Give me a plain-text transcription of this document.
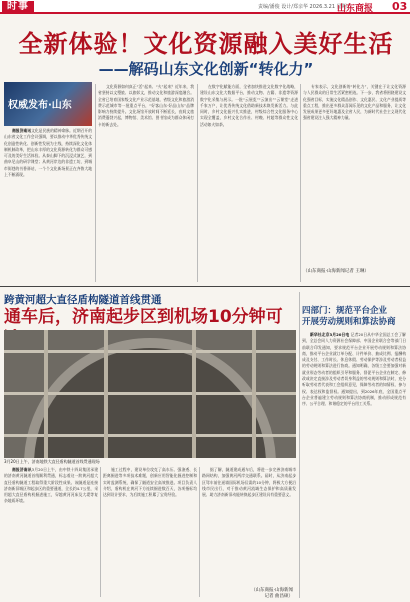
时事	责编/潘俊 设计/郑亲华 2026.3.21 星期六
山东商报 03
全新体验！文化资源融入美好生活
——解码山东文化创新“转化力”
权威发布·山东

商报济南讯文化是民族的精神命脉。近期召开的山东省文化工作会议强调，要以推动中华优秀传统文化创造性转化、创新性发展为主线，持续深化文化体制机制改革，把山东丰厚的文化资源转化为群众可感可及的美好生活体验。从泰山脚下的沉浸式演艺，到曲阜尼山的研学课堂；从黄河岸边的非遗工坊，到城市街巷的书香驿站，一个个文化新场景正在齐鲁大地上不断涌现。

文化资源如何真正“活”起来、“火”起来？近年来，我省坚持以文塑旅、以旅彰文，推动文化和旅游深度融合。全省已培育国家级文化产业示范基地、省级文化和旅游消费示范城市等一批重点平台，“好客山东·好品山东”品牌影响力持续提升。文化场馆开放时间不断延长，夜间文旅消费蓬勃兴起，博物馆、美术馆、图书馆成为群众休闲打卡的新去处。

在数字化赋能方面，全省加快推进文化数字化战略，建设山东文化大数据平台，推动文物、古籍、非遗等资源数字化采集与展示。一批“云展览”“云演出”“云课堂”走进千家万户，让优秀传统文化借助新技术焕发新活力。与此同时，乡村文化振兴扎实推进，村级综合性文化服务中心实现全覆盖，乡村文化合作社、村晚、村超等群众性文化活动如火如荼。

专家表示，文化创新的“转化力”，关键在于让文化资源与人民群众的日常生活紧密相连。下一步，我省将围绕建设文化强省目标，实施文化精品创作、文化惠民、文化产业提质等重点工程，推出更多群众喜闻乐见的文化产品和服务，让文化发展成果更多更好地惠及全省人民，为新时代社会主义现代化强省建设注入强大精神力量。

（山东商报·山海新闻记者 王琳）
跨黄河超大直径盾构隧道首线贯通
通车后，济南起步区到机场10分钟可
3月20日上午，济南地铁大直径盾构隧道首线贯通现场

商报济南讯3月20日上午，由中铁十四局集团承建的济南黄河隧道首线顺利贯通，标志着这一跨黄河超大直径盾构隧道工程取得重大阶段性成果。该隧道是连接济南新旧城区和起步区的重要通道，全长约4.7公里，采用超大直径盾构机掘进施工，穿越黄河河床及大堤等复杂地质环境。

施工过程中，建设单位攻克了高水压、强渗透、长距离掘进等多项技术难题，创新应用智能化掘进控制和实时监测系统，确保了隧道安全高效推进。项目负责人介绍，盾构机在黄河下方连续掘进数百天，各项指标均达到设计要求，为后续施工积累了宝贵经验。

据了解，隧道建成通车后，将进一步完善济南城市路网结构，加强黄河两岸交通联系。届时，从济南起步区驾车前往遥墙国际机场仅需约10分钟，将极大方便沿线市民出行，对于推动黄河流域生态保护和高质量发展、助力济南新旧动能转换起步区建设具有重要意义。

（山东商报·山海新闻
记者 曲昌硕）
四部门：规范平台企业
开展劳动规则和算法协商

新华社北京3月20日电 记者20日从中华全国总工会了解到，全总会同人力资源社会保障部、中国企业联合会等部门日前联合印发通知，要求规范平台企业开展劳动规则和算法协商，推动平台企业就订单分配、计件单价、抽成比例、报酬构成及支付、工作时长、休息休假、劳动保护等涉及劳动者权益的劳动规则和算法进行协商。通知明确，各级工会要加强对新就业形态劳动者的组织引导和服务，督促平台企业在制定、修改或决定直接涉及劳动者切身利益的劳动规则和算法时，充分听取劳动者代表和工会组织意见，保障劳动者的知情权、参与权、表达权和监督权。通知提出，到2026年底，全国重点平台企业普遍建立劳动规则和算法协商机制，推动形成规范有序、公平合理、和谐稳定的平台用工关系。
